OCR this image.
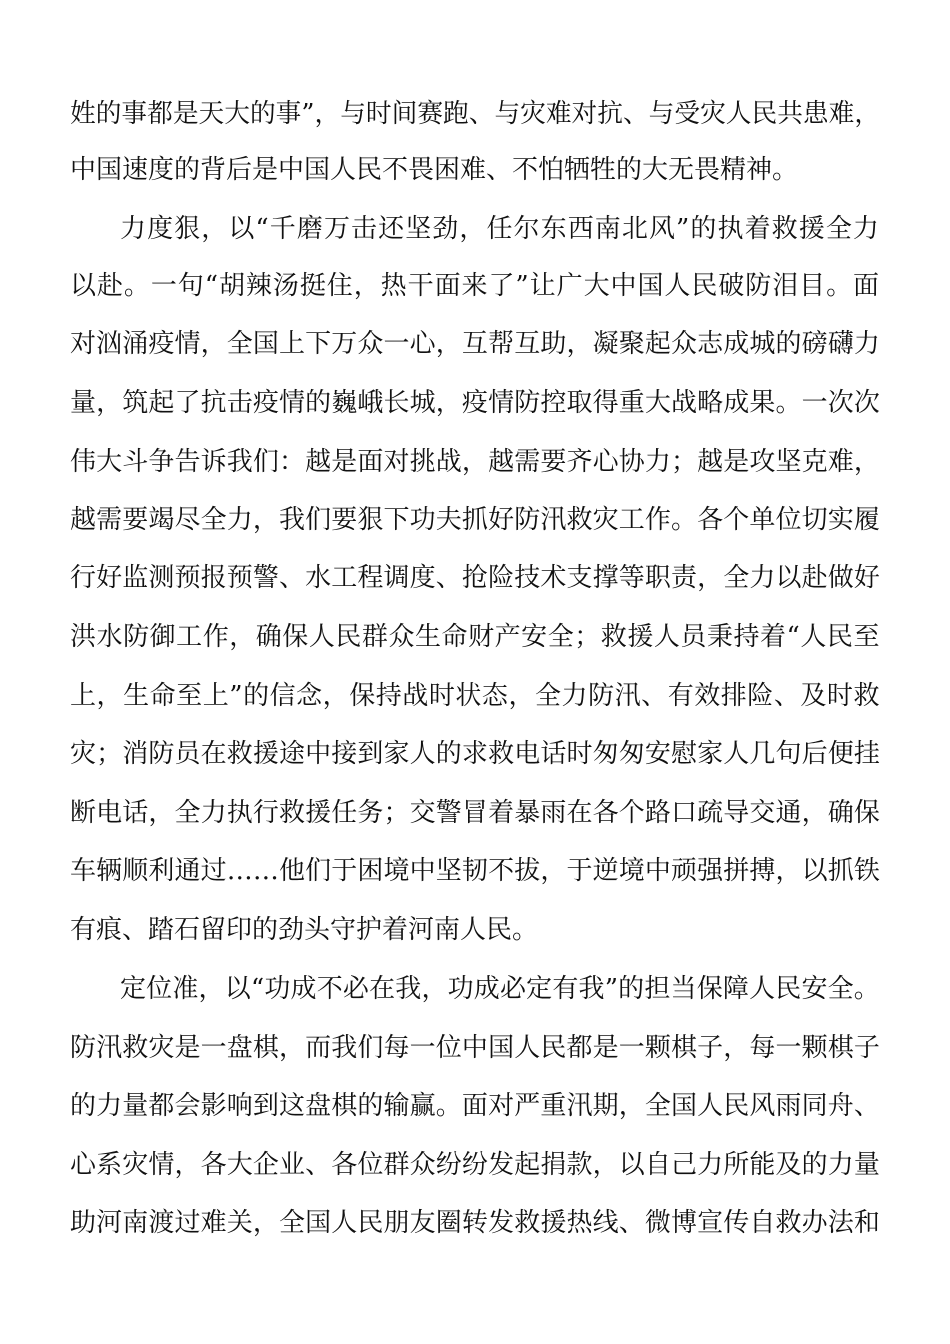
姓的事都是天大的事”，与时间赛跑、与灾难对抗、与受灾人民共患难，
中国速度的背后是中国人民不畏困难、不怕牺牲的大无畏精神。
力度狠，以“千磨万击还坚劲，任尔东西南北风”的执着救援全力
以赴。一句“胡辣汤挺住，热干面来了”让广大中国人民破防泪目。面
对汹涌疫情，全国上下万众一心，互帮互助，凝聚起众志成城的磅礴力
量，筑起了抗击疫情的巍峨长城，疫情防控取得重大战略成果。一次次
伟大斗争告诉我们：越是面对挑战，越需要齐心协力；越是攻坚克难，
越需要竭尽全力，我们要狠下功夫抓好防汛救灾工作。各个单位切实履
行好监测预报预警、水工程调度、抢险技术支撑等职责，全力以赴做好
洪水防御工作，确保人民群众生命财产安全；救援人员秉持着“人民至
上，生命至上”的信念，保持战时状态，全力防汛、有效排险、及时救
灾；消防员在救援途中接到家人的求救电话时匆匆安慰家人几句后便挂
断电话，全力执行救援任务；交警冒着暴雨在各个路口疏导交通，确保
车辆顺利通过……他们于困境中坚韧不拔，于逆境中顽强拼搏，以抓铁
有痕、踏石留印的劲头守护着河南人民。
定位准，以“功成不必在我，功成必定有我”的担当保障人民安全。
防汛救灾是一盘棋，而我们每一位中国人民都是一颗棋子，每一颗棋子
的力量都会影响到这盘棋的输赢。面对严重汛期，全国人民风雨同舟、
心系灾情，各大企业、各位群众纷纷发起捐款，以自己力所能及的力量
助河南渡过难关，全国人民朋友圈转发救援热线、微博宣传自救办法和
